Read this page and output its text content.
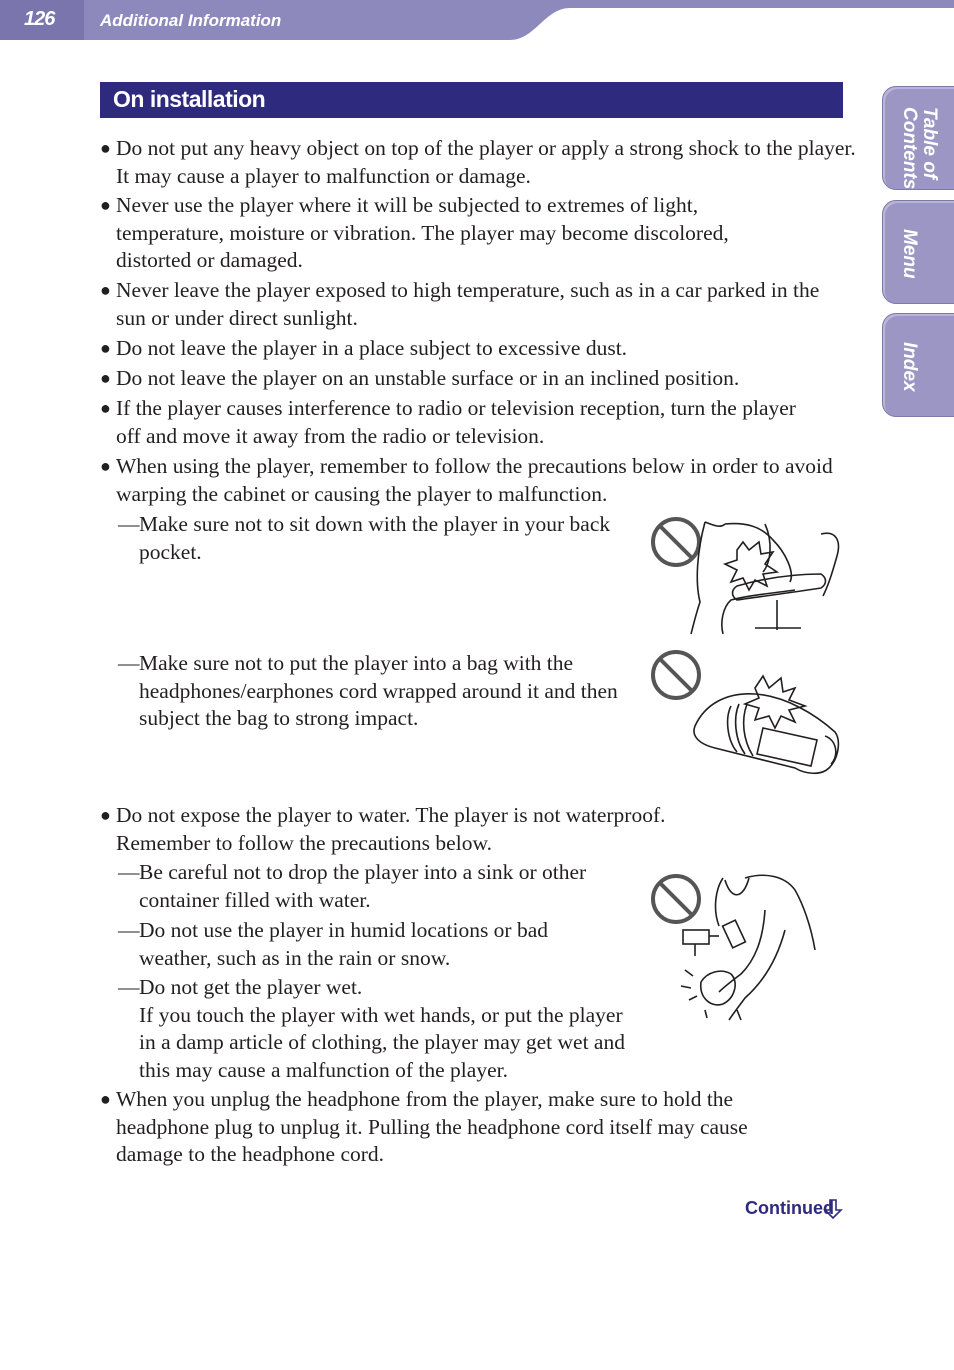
126	Additional Information
On installation
Table of
Contents
Menu
Index
● Do not put any heavy object on top of the player or apply a strong shock to the player. It may cause a player to malfunction or damage.
● Never use the player where it will be subjected to extremes of light, temperature, moisture or vibration. The player may become discolored, distorted or damaged.
● Never leave the player exposed to high temperature, such as in a car parked in the sun or under direct sunlight.
● Do not leave the player in a place subject to excessive dust.
● Do not leave the player on an unstable surface or in an inclined position.
● If the player causes interference to radio or television reception, turn the player off and move it away from the radio or television.
● When using the player, remember to follow the precautions below in order to avoid warping the cabinet or causing the player to malfunction.
— Make sure not to sit down with the player in your back pocket.
— Make sure not to put the player into a bag with the headphones/earphones cord wrapped around it and then subject the bag to strong impact.
● Do not expose the player to water. The player is not waterproof. Remember to follow the precautions below.
— Be careful not to drop the player into a sink or other container filled with water.
— Do not use the player in humid locations or bad weather, such as in the rain or snow.
— Do not get the player wet.
If you touch the player with wet hands, or put the player in a damp article of clothing, the player may get wet and this may cause a malfunction of the player.
● When you unplug the headphone from the player, make sure to hold the headphone plug to unplug it. Pulling the headphone cord itself may cause damage to the headphone cord.
Continued
